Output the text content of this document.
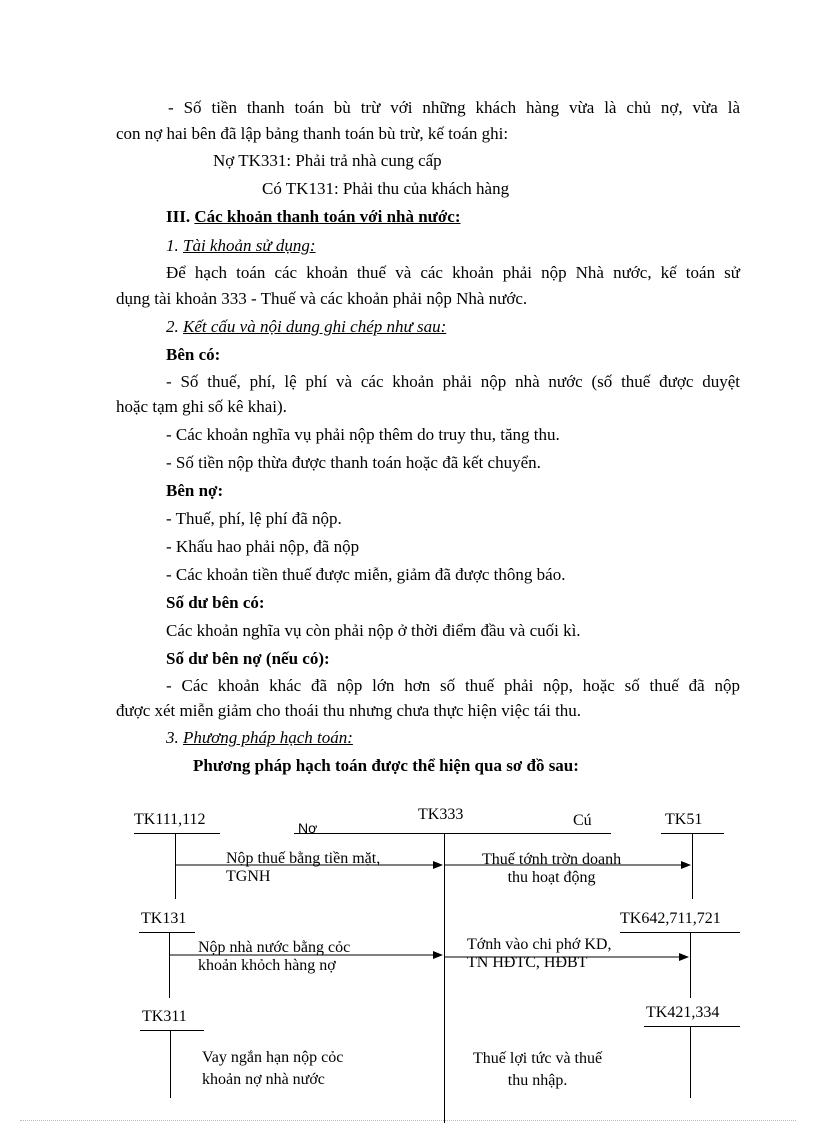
- Số tiền thanh toán bù trừ với những khách hàng vừa là chủ nợ, vừa là
con nợ hai bên đã lập bảng thanh toán bù trừ, kế toán ghi:
Nợ TK331: Phải trả nhà cung cấp
Có TK131: Phải thu của khách hàng
III. Các khoản thanh toán với nhà nước:
1. Tài khoản sử dụng:
Để hạch toán các khoản thuế và các khoản phải nộp Nhà nước, kế toán sử
dụng tài khoản 333 - Thuế và các khoản phải nộp Nhà nước.
2. Kết cấu và nội dung ghi chép như sau:
Bên có:
- Số thuế, phí, lệ phí và các khoản phải nộp nhà nước (số thuế được duyệt
hoặc tạm ghi số kê khai).
- Các khoản nghĩa vụ phải nộp thêm do truy thu, tăng thu.
- Số tiền nộp thừa được thanh toán hoặc đã kết chuyển.
Bên nợ:
- Thuế, phí, lệ phí đã nộp.
- Khấu hao phải nộp, đã nộp
- Các khoản tiền thuế được miễn, giảm đã được thông báo.
Số dư bên có:
Các khoản nghĩa vụ còn phải nộp ở thời điểm đầu và cuối kì.
Số dư bên nợ (nếu có):
- Các khoản khác đã nộp lớn hơn số thuế phải nộp, hoặc số thuế đã nộp
được xét miễn giảm cho thoái thu nhưng chưa thực hiện việc tái thu.
3. Phương pháp hạch toán:
Phương pháp hạch toán được thể hiện qua sơ đồ sau:
TK111,112	TK333
Nơ	Cú	TK51
TK131	TK642,711,721
TK311	TK421,334
Nộp thuế bằng tiền mặt,
TGNH
Thuế tớnh trờn doanh
thu hoạt động
Nộp nhà nước bằng cỏc
khoản khỏch hàng nợ
Tớnh vào chi phớ KD,
TN HĐTC, HĐBT
Vay ngắn hạn nộp cỏc
khoản nợ nhà nước
Thuế lợi tức và thuế
thu nhập.
